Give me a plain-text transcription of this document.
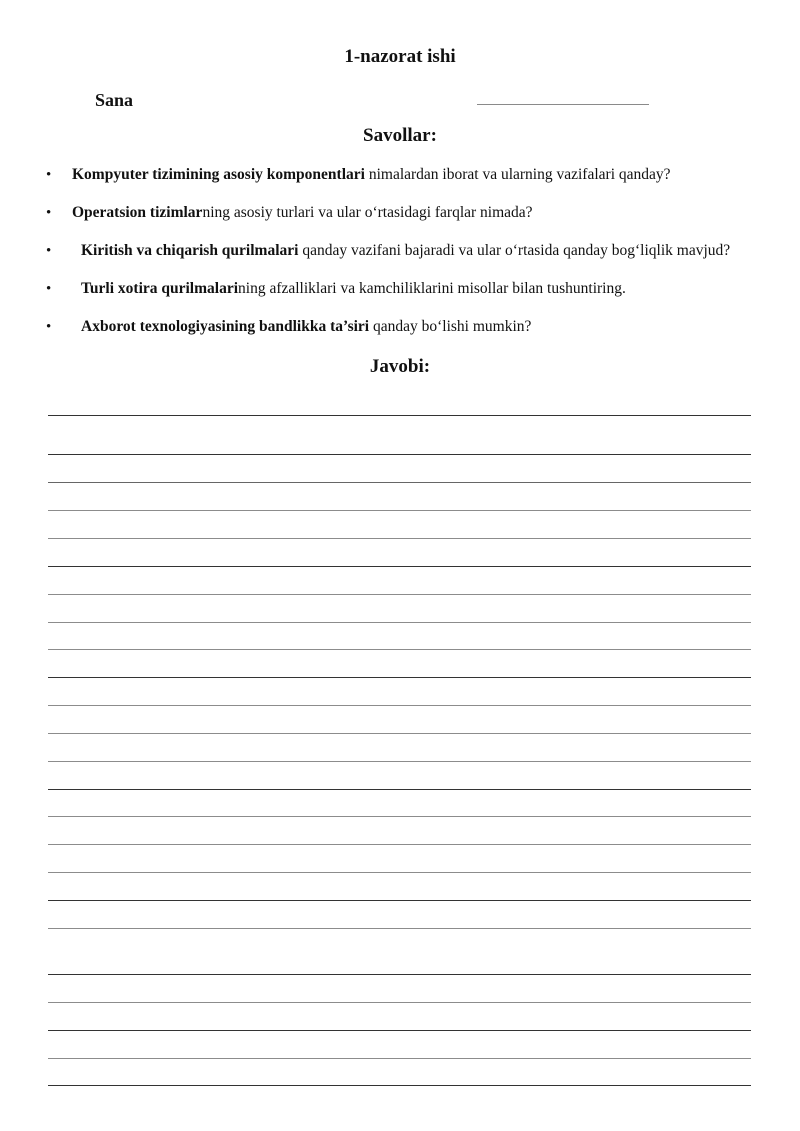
1-nazorat ishi
Sana
Savollar:
• Kompyuter tizimining asosiy komponentlari nimalardan iborat va ularning vazifalari qanday?
• Operatsion tizimlarning asosiy turlari va ular o‘rtasidagi farqlar nimada?
• Kiritish va chiqarish qurilmalari qanday vazifani bajaradi va ular o‘rtasida qanday bog‘liqlik mavjud?
• Turli xotira qurilmalarining afzalliklari va kamchiliklarini misollar bilan tushuntiring.
• Axborot texnologiyasining bandlikka ta’siri qanday bo‘lishi mumkin?
Javobi:
